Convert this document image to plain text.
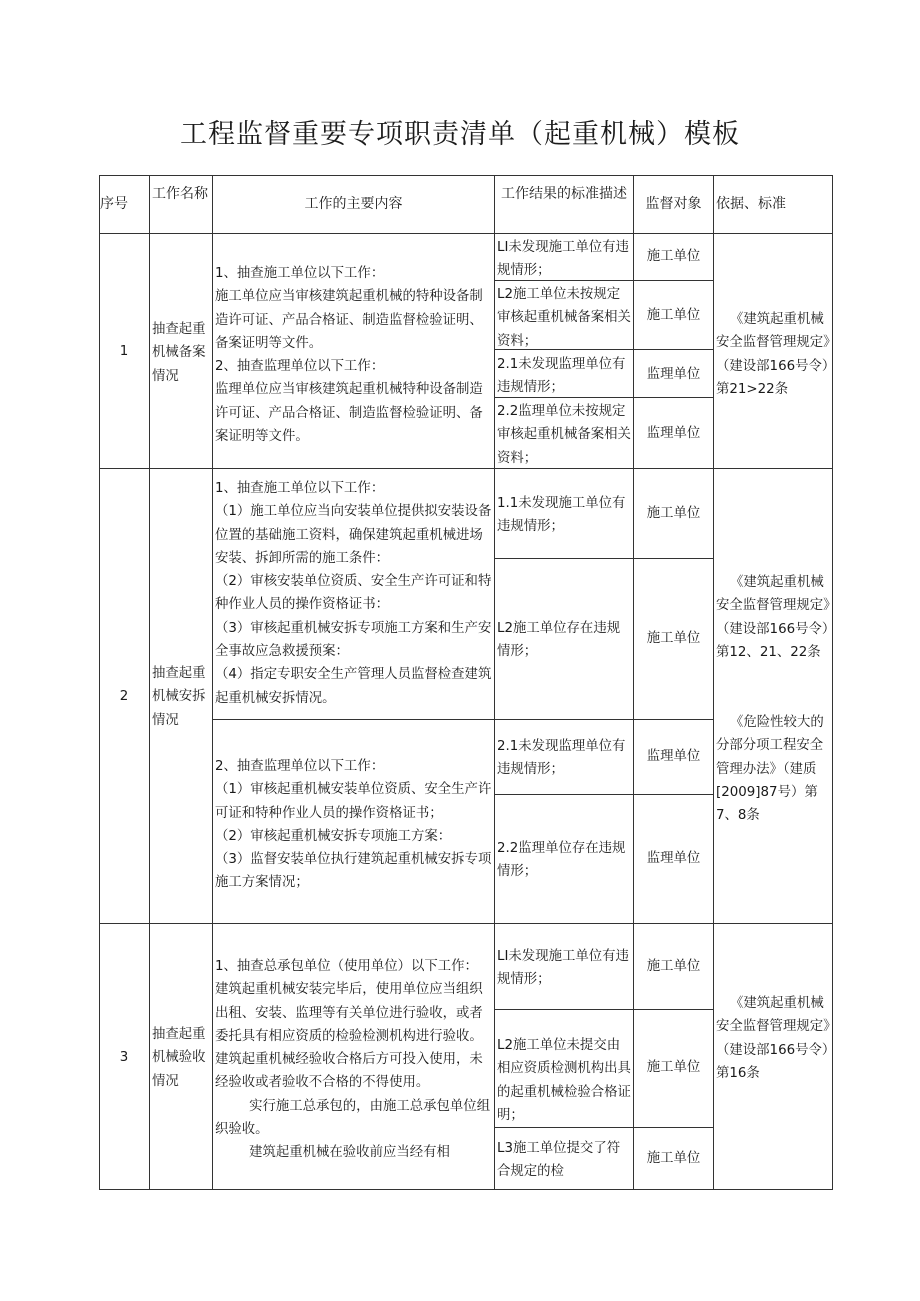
工程监督重要专项职责清单（起重机械）模板
序号
工作名称
工作的主要内容
工作结果的标准描述
监督对象	依据、标准
1
抽查起重机械备案情况
1、抽查施工单位以下工作：
施工单位应当审核建筑起重机械的特种设备制造许可证、产品合格证、制造监督检验证明、备案证明等文件。
2、抽查监理单位以下工作：
监理单位应当审核建筑起重机械特种设备制造许可证、产品合格证、制造监督检验证明、备案证明等文件。
LI未发现施工单位有违规情形；
施工单位
L2施工单位未按规定审核起重机械备案相关资料；
施工单位
2.1未发现监理单位有违规情形；
监理单位
2.2监理单位未按规定审核起重机械备案相关资料；
监理单位
《建筑起重机械安全监督管理规定》（建设部166号令）第21>22条
2
抽查起重机械安拆情况
1、抽查施工单位以下工作：
（1）施工单位应当向安装单位提供拟安装设备位置的基础施工资料，确保建筑起重机械进场安装、拆卸所需的施工条件：
（2）审核安装单位资质、安全生产许可证和特种作业人员的操作资格证书：
（3）审核起重机械安拆专项施工方案和生产安全事故应急救援预案：
（4）指定专职安全生产管理人员监督检查建筑起重机械安拆情况。
2、抽查监理单位以下工作：
（1）审核起重机械安装单位资质、安全生产许可证和特种作业人员的操作资格证书；
（2）审核起重机械安拆专项施工方案：
（3）监督安装单位执行建筑起重机械安拆专项施工方案情况；
1.1未发现施工单位有违规情形；
施工单位
L2施工单位存在违规情形；
施工单位
2.1未发现监理单位有违规情形；
监理单位
2.2监理单位存在违规情形；
监理单位
《建筑起重机械安全监督管理规定》（建设部166号令）第12、21、22条
《危险性较大的分部分项工程安全管理办法》（建质[2009]87号）第7、8条
3
抽查起重机械验收情况
1、抽查总承包单位（使用单位）以下工作：
建筑起重机械安装完毕后，使用单位应当组织出租、安装、监理等有关单位进行验收，或者委托具有相应资质的检验检测机构进行验收。
建筑起重机械经验收合格后方可投入使用，未经验收或者验收不合格的不得使用。
实行施工总承包的，由施工总承包单位组织验收。
建筑起重机械在验收前应当经有相
LI未发现施工单位有违规情形；
施工单位
L2施工单位未提交由相应资质检测机构出具的起重机械检验合格证明；
施工单位
L3施工单位提交了符合规定的检
施工单位
《建筑起重机械安全监督管理规定》（建设部166号令）第16条
